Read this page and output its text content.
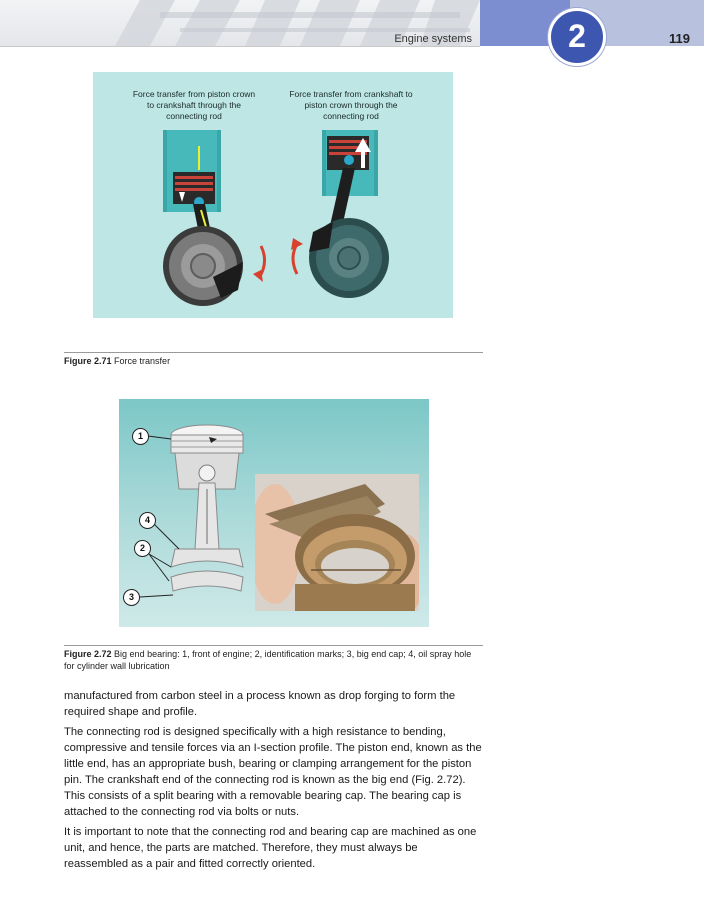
Engine systems	2	119
Force transfer from piston crown to crankshaft through the connecting rod
Force transfer from crankshaft to piston crown through the connecting rod
Figure 2.71 Force transfer
1
4
2
3
Figure 2.72 Big end bearing: 1, front of engine; 2, identification marks; 3, big end cap; 4, oil spray hole for cylinder wall lubrication

manufactured from carbon steel in a process known as drop forging to form the required shape and profile.

The connecting rod is designed specifically with a high resistance to bending, compressive and tensile forces via an I-section profile. The piston end, known as the little end, has an appropriate bush, bearing or clamping arrangement for the piston pin. The crankshaft end of the connecting rod is known as the big end (Fig. 2.72). This consists of a split bearing with a removable bearing cap. The bearing cap is attached to the connecting rod via bolts or nuts.

It is important to note that the connecting rod and bearing cap are machined as one unit, and hence, the parts are matched. Therefore, they must always be reassembled as a pair and fitted correctly oriented.
